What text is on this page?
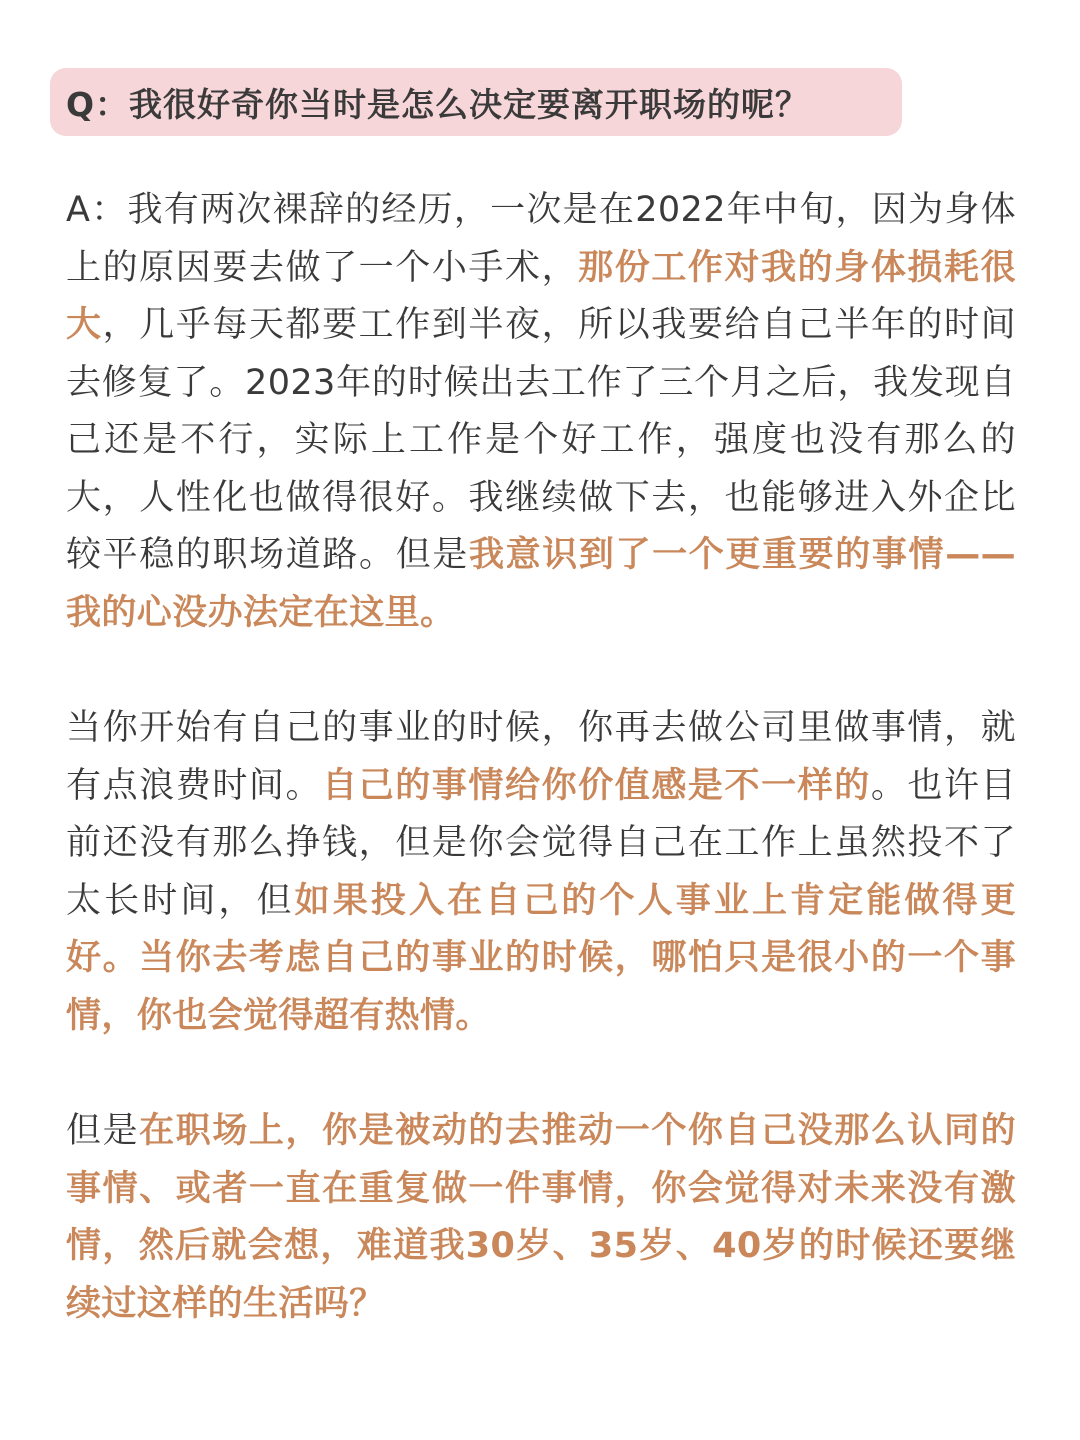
Q：我很好奇你当时是怎么决定要离开职场的呢？

A：我有两次裸辞的经历，一次是在2022年中旬，因为身体上的原因要去做了一个小手术，那份工作对我的身体损耗很大，几乎每天都要工作到半夜，所以我要给自己半年的时间去修复了。2023年的时候出去工作了三个月之后，我发现自己还是不行，实际上工作是个好工作，强度也没有那么的大，人性化也做得很好。我继续做下去，也能够进入外企比较平稳的职场道路。但是我意识到了一个更重要的事情——我的心没办法定在这里。

当你开始有自己的事业的时候，你再去做公司里做事情，就有点浪费时间。自己的事情给你价值感是不一样的。也许目前还没有那么挣钱，但是你会觉得自己在工作上虽然投不了太长时间，但如果投入在自己的个人事业上肯定能做得更好。当你去考虑自己的事业的时候，哪怕只是很小的一个事情，你也会觉得超有热情。

但是在职场上，你是被动的去推动一个你自己没那么认同的事情、或者一直在重复做一件事情，你会觉得对未来没有激情，然后就会想，难道我30岁、35岁、40岁的时候还要继续过这样的生活吗？
